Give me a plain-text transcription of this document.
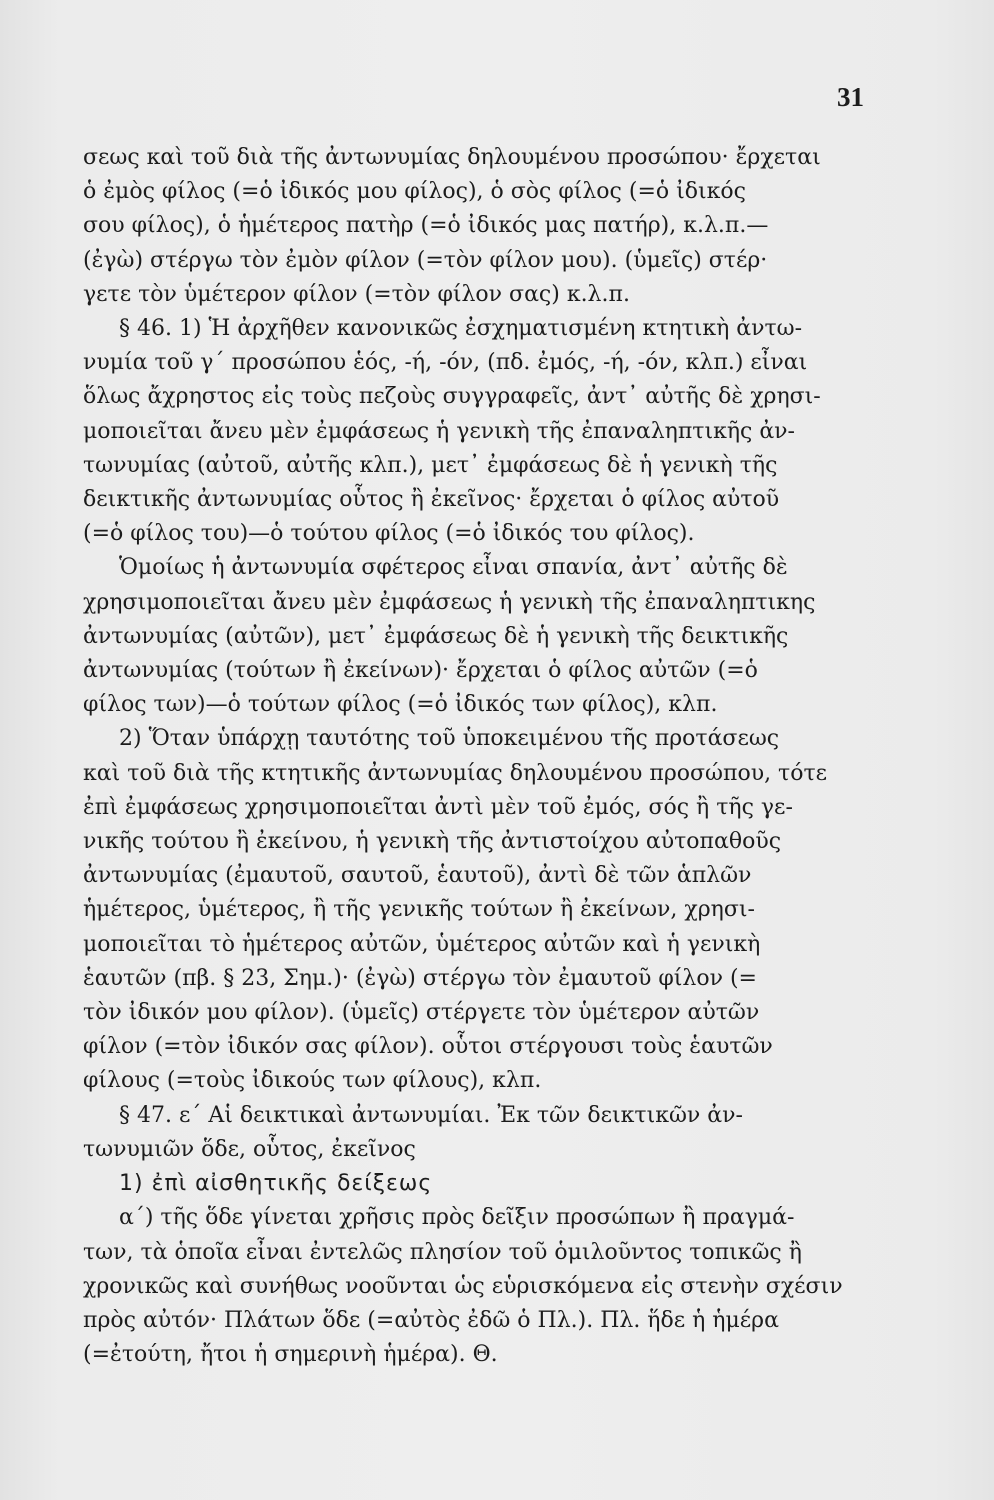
31

σεως καὶ τοῦ διὰ τῆς ἀντωνυμίας δηλουμένου προσώπου· ἔρχεται
ὁ ἐμὸς φίλος (=ὁ ἰδικός μου φίλος), ὁ σὸς φίλος (=ὁ ἰδικός
σου φίλος), ὁ ἡμέτερος πατὴρ (=ὁ ἰδικός μας πατήρ), κ.λ.π.—
(ἐγὼ) στέργω τὸν ἐμὸν φίλον (=τὸν φίλον μου). (ὑμεῖς) στέρ·
γετε τὸν ὑμέτερον φίλον (=τὸν φίλον σας) κ.λ.π.

§ 46. 1) Ἡ ἀρχῆθεν κανονικῶς ἐσχηματισμένη κτητικὴ ἀντω-
νυμία τοῦ γ΄ προσώπου ἑός, -ή, -όν, (πδ. ἐμός, -ή, -όν, κλπ.) εἶναι
ὅλως ἄχρηστος εἰς τοὺς πεζοὺς συγγραφεῖς, ἀντ᾽ αὐτῆς δὲ χρησι-
μοποιεῖται ἄνευ μὲν ἐμφάσεως ἡ γενικὴ τῆς ἐπαναληπτικῆς ἀν-
τωνυμίας (αὐτοῦ, αὐτῆς κλπ.), μετ᾽ ἐμφάσεως δὲ ἡ γενικὴ τῆς
δεικτικῆς ἀντωνυμίας οὗτος ἢ ἐκεῖνος· ἔρχεται ὁ φίλος αὐτοῦ
(=ὁ φίλος του)—ὁ τούτου φίλος (=ὁ ἰδικός του φίλος).

Ὁμοίως ἡ ἀντωνυμία σφέτερος εἶναι σπανία, ἀντ᾽ αὐτῆς δὲ
χρησιμοποιεῖται ἄνευ μὲν ἐμφάσεως ἡ γενικὴ τῆς ἐπαναληπτικης
ἀντωνυμίας (αὐτῶν), μετ᾽ ἐμφάσεως δὲ ἡ γενικὴ τῆς δεικτικῆς
ἀντωνυμίας (τούτων ἢ ἐκείνων)· ἔρχεται ὁ φίλος αὐτῶν (=ὁ
φίλος των)—ὁ τούτων φίλος (=ὁ ἰδικός των φίλος), κλπ.

2) Ὅταν ὑπάρχῃ ταυτότης τοῦ ὑποκειμένου τῆς προτάσεως
καὶ τοῦ διὰ τῆς κτητικῆς ἀντωνυμίας δηλουμένου προσώπου, τότε
ἐπὶ ἐμφάσεως χρησιμοποιεῖται ἀντὶ μὲν τοῦ ἐμός, σός ἢ τῆς γε-
νικῆς τούτου ἢ ἐκείνου, ἡ γενικὴ τῆς ἀντιστοίχου αὐτοπαθοῦς
ἀντωνυμίας (ἐμαυτοῦ, σαυτοῦ, ἑαυτοῦ), ἀντὶ δὲ τῶν ἁπλῶν
ἡμέτερος, ὑμέτερος, ἢ τῆς γενικῆς τούτων ἢ ἐκείνων, χρησι-
μοποιεῖται τὸ ἡμέτερος αὐτῶν, ὑμέτερος αὐτῶν καὶ ἡ γενικὴ
ἑαυτῶν (πβ. § 23, Σημ.)· (ἐγὼ) στέργω τὸν ἐμαυτοῦ φίλον (=
τὸν ἰδικόν μου φίλον). (ὑμεῖς) στέργετε τὸν ὑμέτερον αὐτῶν
φίλον (=τὸν ἰδικόν σας φίλον). οὗτοι στέργουσι τοὺς ἑαυτῶν
φίλους (=τοὺς ἰδικούς των φίλους), κλπ.

§ 47. ε΄ Αἱ δεικτικαὶ ἀντωνυμίαι. Ἐκ τῶν δεικτικῶν ἀν-
τωνυμιῶν ὅδε, οὗτος, ἐκεῖνος

1) ἐπὶ αἰσθητικῆς δείξεως

α΄) τῆς ὅδε γίνεται χρῆσις πρὸς δεῖξιν προσώπων ἢ πραγμά-
των, τὰ ὁποῖα εἶναι ἐντελῶς πλησίον τοῦ ὁμιλοῦντος τοπικῶς ἢ
χρονικῶς καὶ συνήθως νοοῦνται ὡς εὑρισκόμενα εἰς στενὴν σχέσιν
πρὸς αὐτόν· Πλάτων ὅδε (=αὐτὸς ἐδῶ ὁ Πλ.). Πλ. ἥδε ἡ ἡμέρα
(=ἐτούτη, ἤτοι ἡ σημερινὴ ἡμέρα). Θ.
